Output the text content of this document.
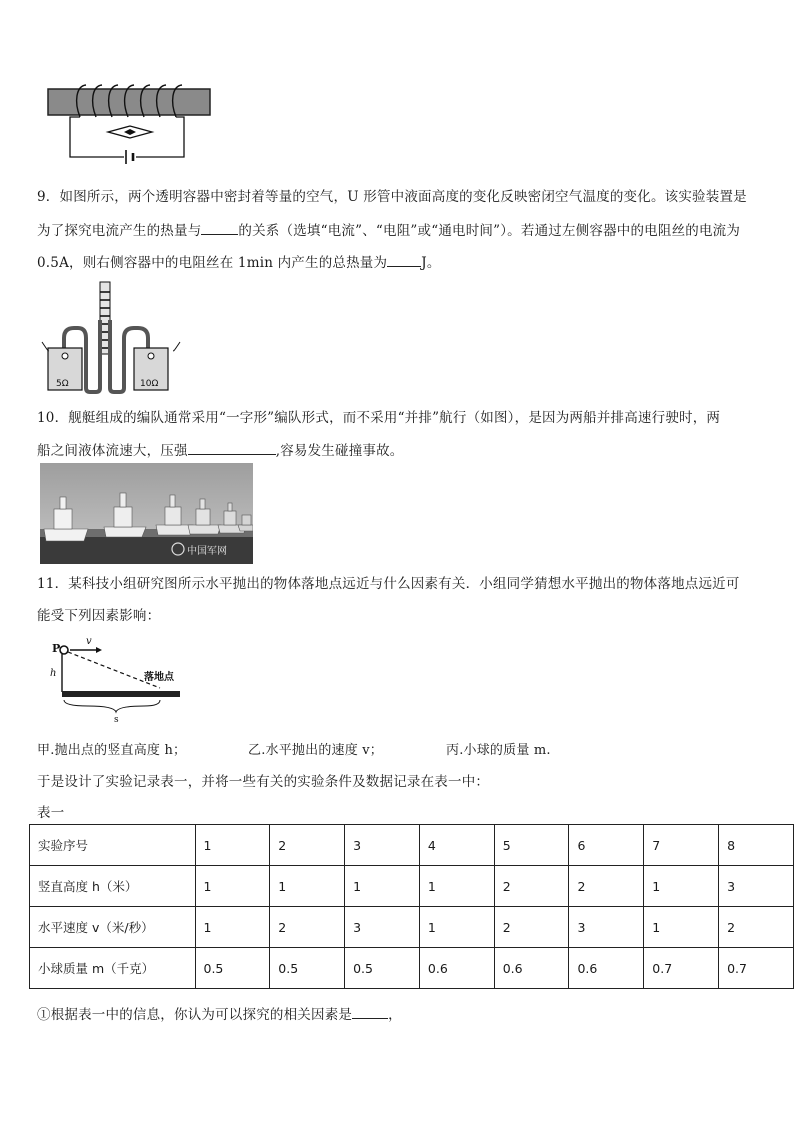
9．如图所示，两个透明容器中密封着等量的空气，U 形管中液面高度的变化反映密闭空气温度的变化。该实验装置是
为了探究电流产生的热量与	的关系（选填“电流”、“电阻”或“通电时间”）。若通过左侧容器中的电阻丝的电流为
0.5A，则右侧容器中的电阻丝在 1min 内产生的总热量为	J。
5Ω	10Ω
10．舰艇组成的编队通常采用“一字形”编队形式，而不采用“并排”航行（如图），是因为两船并排高速行驶时，两
船之间液体流速大，压强	,容易发生碰撞事故。
中国军网
11．某科技小组研究图所示水平抛出的物体落地点远近与什么因素有关．小组同学猜想水平抛出的物体落地点远近可
能受下列因素影响：
P
v
h	落地点
s
甲.抛出点的竖直高度 h；	乙.水平抛出的速度 v；	丙.小球的质量 m.
于是设计了实验记录表一，并将一些有关的实验条件及数据记录在表一中：
表一
实验序号	1	2	3	4	5	6	7	8
竖直高度 h（米）	1	1	1	1	2	2	1	3
水平速度 v（米/秒）	1	2	3	1	2	3	1	2
小球质量 m（千克）	0.5	0.5	0.5	0.6	0.6	0.6	0.7	0.7
①根据表一中的信息，你认为可以探究的相关因素是	，
